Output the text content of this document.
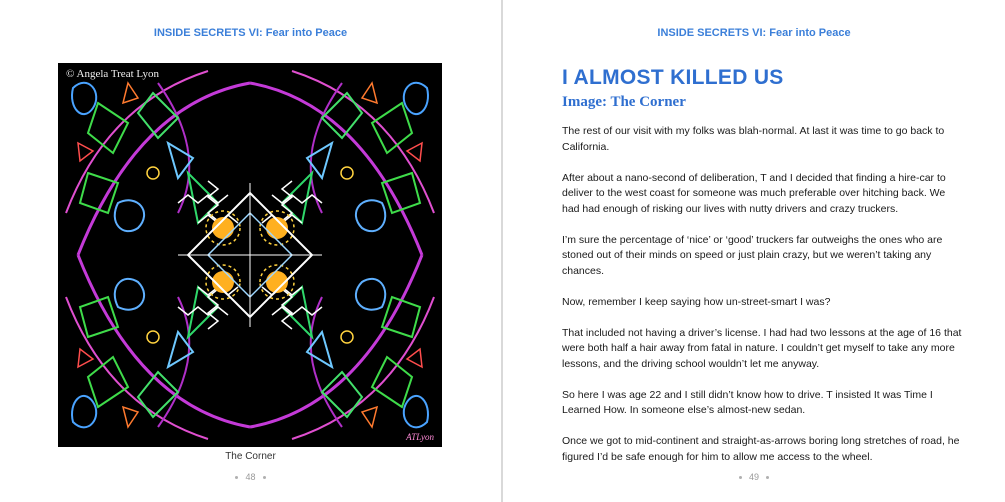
INSIDE SECRETS VI: Fear into Peace
© Angela Treat Lyon
ATLyon
The Corner
48
INSIDE SECRETS VI: Fear into Peace
I ALMOST KILLED US
Image: The Corner

The rest of our visit with my folks was blah-normal. At last it was time to go back to California.

After about a nano-second of deliberation, T and I decided that finding a hire-car to deliver to the west coast for someone was much preferable over hitching back. We had had enough of risking our lives with nutty drivers and crazy truckers.

I’m sure the percentage of ‘nice’ or ‘good’ truckers far outweighs the ones who are stoned out of their minds on speed or just plain crazy, but we weren’t taking any chances.

Now, remember I keep saying how un-street-smart I was?

That included not having a driver’s license. I had had two lessons at the age of 16 that were both half a hair away from fatal in nature. I couldn’t get myself to take any more lessons, and the driving school wouldn’t let me anyway.

So here I was age 22 and I still didn’t know how to drive. T insisted It was Time I Learned How. In someone else’s almost-new sedan.

Once we got to mid-continent and straight-as-arrows boring long stretches of road, he figured I’d be safe enough for him to allow me access to the wheel.

49
